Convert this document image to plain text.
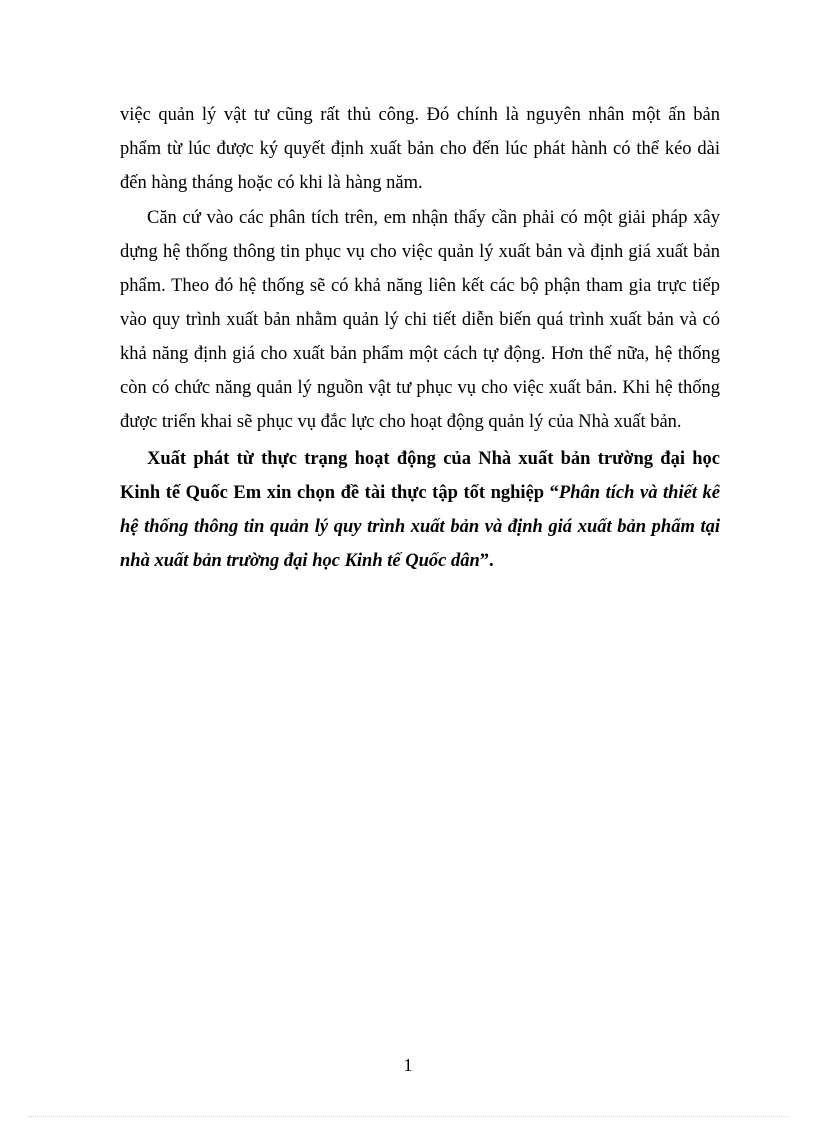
việc quản lý vật tư cũng rất thủ công. Đó chính là nguyên nhân một ấn bản
phẩm từ lúc được ký quyết định xuất bản cho đến lúc phát hành có thể kéo dài
đến hàng tháng hoặc có khi là hàng năm.
Căn cứ vào các phân tích trên, em nhận thấy cần phải có một giải pháp xây
dựng hệ thống thông tin phục vụ cho việc quản lý xuất bản và định giá xuất bản
phẩm. Theo đó hệ thống sẽ có khả năng liên kết các bộ phận tham gia trực tiếp
vào quy trình xuất bản nhằm quản lý chi tiết diễn biến quá trình xuất bản và có
khả năng định giá cho xuất bản phẩm một cách tự động. Hơn thế nữa, hệ thống
còn có chức năng quản lý nguồn vật tư phục vụ cho việc xuất bản. Khi hệ thống
được triển khai sẽ phục vụ đắc lực cho hoạt động quản lý của Nhà xuất bản.
Xuất phát từ thực trạng hoạt động của Nhà xuất bản trường đại học
Kinh tế Quốc Em xin chọn đề tài thực tập tốt nghiệp “Phân tích và thiết kế
hệ thống thông tin quản lý quy trình xuất bản và định giá xuất bản phẩm tại
nhà xuất bản trường đại học Kinh tế Quốc dân”.
1
